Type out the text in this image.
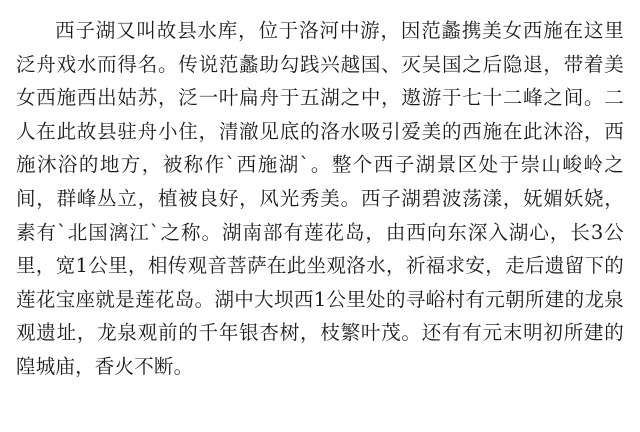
西子湖又叫故县水库，位于洛河中游，因范蠡携美女西施在这里泛舟戏水而得名。传说范蠡助勾践兴越国、灭吴国之后隐退，带着美女西施西出姑苏，泛一叶扁舟于五湖之中，遨游于七十二峰之间。二人在此故县驻舟小住，清澈见底的洛水吸引爱美的西施在此沐浴，西施沐浴的地方，被称作`西施湖`。整个西子湖景区处于崇山峻岭之间，群峰丛立，植被良好，风光秀美。西子湖碧波荡漾，妩媚妖娆，素有`北国漓江`之称。湖南部有莲花岛，由西向东深入湖心，长3公里，宽1公里，相传观音菩萨在此坐观洛水，祈福求安，走后遗留下的莲花宝座就是莲花岛。湖中大坝西1公里处的寻峪村有元朝所建的龙泉观遗址，龙泉观前的千年银杏树，枝繁叶茂。还有有元末明初所建的隍城庙，香火不断。
